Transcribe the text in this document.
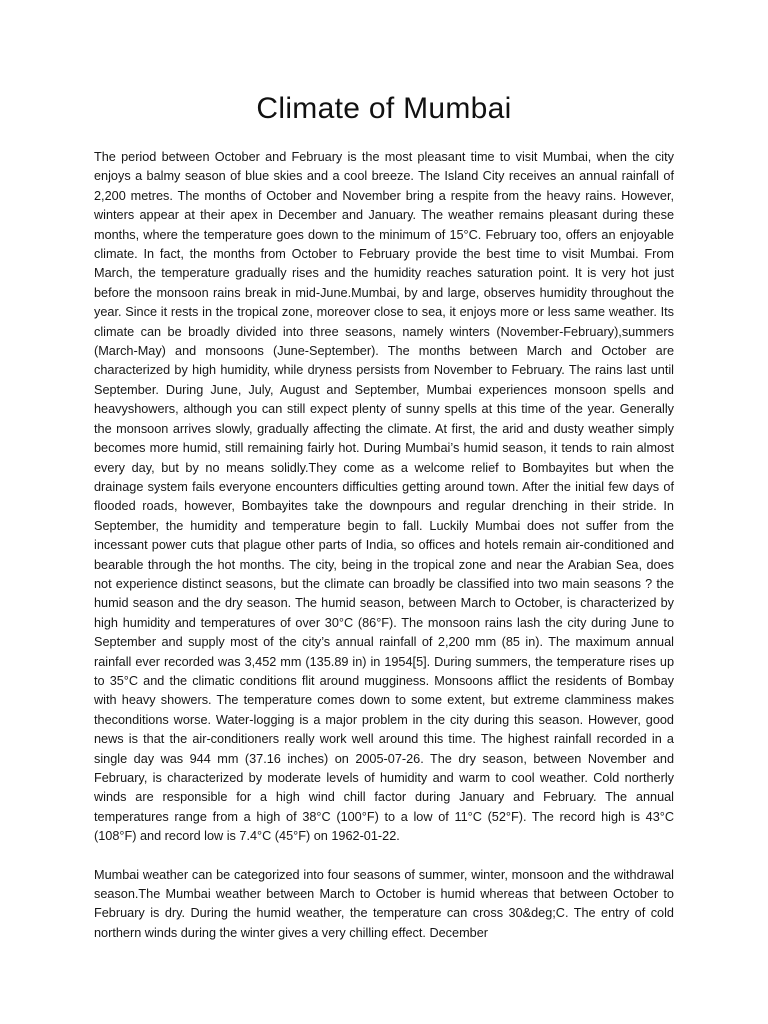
Climate of Mumbai

The period between October and February is the most pleasant time to visit Mumbai, when the city enjoys a balmy season of blue skies and a cool breeze. The Island City receives an annual rainfall of 2,200 metres. The months of October and November bring a respite from the heavy rains. However, winters appear at their apex in December and January. The weather remains pleasant during these months, where the temperature goes down to the minimum of 15°C. February too, offers an enjoyable climate. In fact, the months from October to February provide the best time to visit Mumbai. From March, the temperature gradually rises and the humidity reaches saturation point. It is very hot just before the monsoon rains break in mid-June.Mumbai, by and large, observes humidity throughout the year. Since it rests in the tropical zone, moreover close to sea, it enjoys more or less same weather. Its climate can be broadly divided into three seasons, namely winters (November-February),summers (March-May) and monsoons (June-September). The months between March and October are characterized by high humidity, while dryness persists from November to February. The rains last until September. During June, July, August and September, Mumbai experiences monsoon spells and heavyshowers, although you can still expect plenty of sunny spells at this time of the year. Generally the monsoon arrives slowly, gradually affecting the climate. At first, the arid and dusty weather simply becomes more humid, still remaining fairly hot. During Mumbai’s humid season, it tends to rain almost every day, but by no means solidly.They come as a welcome relief to Bombayites but when the drainage system fails everyone encounters difficulties getting around town. After the initial few days of flooded roads, however, Bombayites take the downpours and regular drenching in their stride. In September, the humidity and temperature begin to fall. Luckily Mumbai does not suffer from the incessant power cuts that plague other parts of India, so offices and hotels remain air-conditioned and bearable through the hot months. The city, being in the tropical zone and near the Arabian Sea, does not experience distinct seasons, but the climate can broadly be classified into two main seasons ? the humid season and the dry season. The humid season, between March to October, is characterized by high humidity and temperatures of over 30°C (86°F). The monsoon rains lash the city during June to September and supply most of the city’s annual rainfall of 2,200 mm (85 in). The maximum annual rainfall ever recorded was 3,452 mm (135.89 in) in 1954[5]. During summers, the temperature rises up to 35°C and the climatic conditions flit around mugginess. Monsoons afflict the residents of Bombay with heavy showers. The temperature comes down to some extent, but extreme clamminess makes theconditions worse. Water-logging is a major problem in the city during this season. However, good news is that the air-conditioners really work well around this time. The highest rainfall recorded in a single day was 944 mm (37.16 inches) on 2005-07-26. The dry season, between November and February, is characterized by moderate levels of humidity and warm to cool weather. Cold northerly winds are responsible for a high wind chill factor during January and February. The annual temperatures range from a high of 38°C (100°F) to a low of 11°C (52°F). The record high is 43°C (108°F) and record low is 7.4°C (45°F) on 1962-01-22.

Mumbai weather can be categorized into four seasons of summer, winter, monsoon and the withdrawal season.The Mumbai weather between March to October is humid whereas that between October to February is dry. During the humid weather, the temperature can cross 30&deg;C. The entry of cold northern winds during the winter gives a very chilling effect. December
